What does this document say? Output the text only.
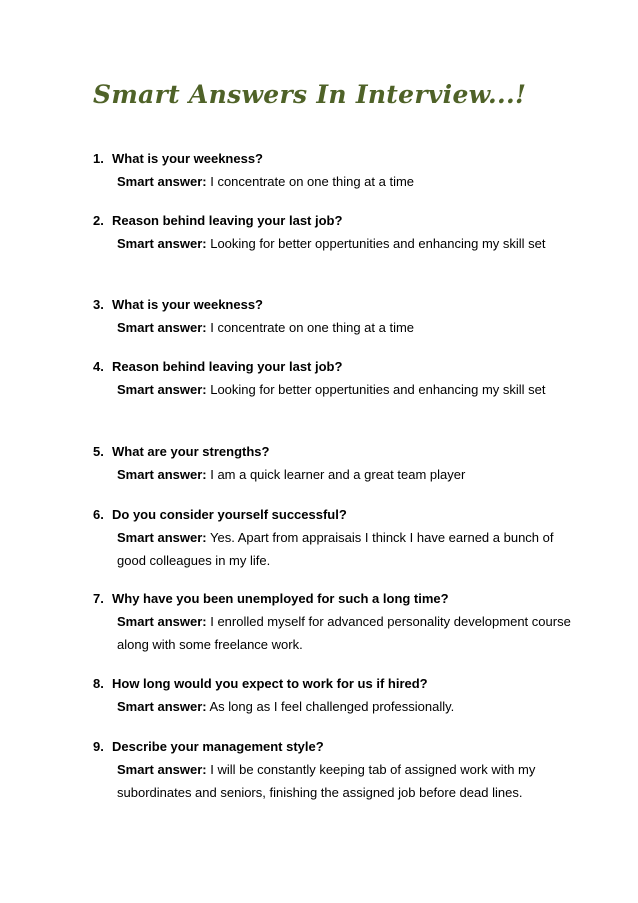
Smart Answers In Interview...!
1. What is your weekness?

Smart answer: I concentrate on one thing at a time

2. Reason behind leaving your last job?

Smart answer: Looking for better oppertunities and enhancing my skill set

3. What is your weekness?

Smart answer: I concentrate on one thing at a time

4. Reason behind leaving your last job?

Smart answer: Looking for better oppertunities and enhancing my skill set

5. What are your strengths?

Smart answer: I am a quick learner and a great team player

6. Do you consider yourself successful?

Smart answer: Yes. Apart from appraisais I thinck I have earned a bunch of good colleagues in my life.

7. Why have you been unemployed for such a long time?

Smart answer: I enrolled myself for advanced personality development course along with some freelance work.

8. How long would you expect to work for us if hired?

Smart answer: As long as I feel challenged professionally.

9. Describe your management style?

Smart answer: I will be constantly keeping tab of assigned work with my subordinates and seniors, finishing the assigned job before dead lines.
